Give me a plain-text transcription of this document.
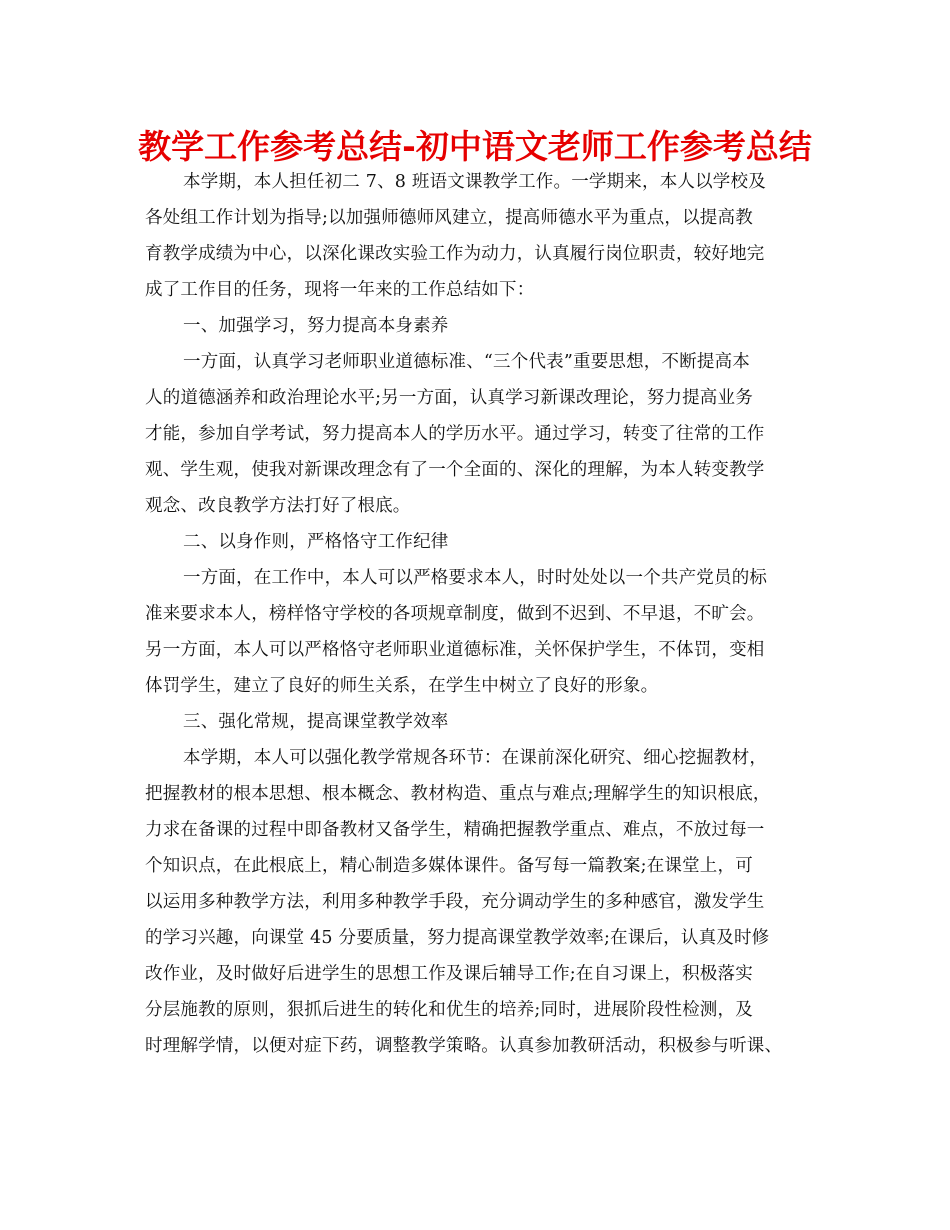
教学工作参考总结-初中语文老师工作参考总结
本学期，本人担任初二 7、8 班语文课教学工作。一学期来，本人以学校及
各处组工作计划为指导;以加强师德师风建立，提高师德水平为重点，以提高教
育教学成绩为中心，以深化课改实验工作为动力，认真履行岗位职责，较好地完
成了工作目的任务，现将一年来的工作总结如下：
一、加强学习，努力提高本身素养
一方面，认真学习老师职业道德标准、“三个代表”重要思想，不断提高本
人的道德涵养和政治理论水平;另一方面，认真学习新课改理论，努力提高业务
才能，参加自学考试，努力提高本人的学历水平。通过学习，转变了往常的工作
观、学生观，使我对新课改理念有了一个全面的、深化的理解，为本人转变教学
观念、改良教学方法打好了根底。
二、以身作则，严格恪守工作纪律
一方面，在工作中，本人可以严格要求本人，时时处处以一个共产党员的标
准来要求本人，榜样恪守学校的各项规章制度，做到不迟到、不早退，不旷会。
另一方面，本人可以严格恪守老师职业道德标准，关怀保护学生，不体罚，变相
体罚学生，建立了良好的师生关系，在学生中树立了良好的形象。
三、强化常规，提高课堂教学效率
本学期，本人可以强化教学常规各环节：在课前深化研究、细心挖掘教材，
把握教材的根本思想、根本概念、教材构造、重点与难点;理解学生的知识根底，
力求在备课的过程中即备教材又备学生，精确把握教学重点、难点，不放过每一
个知识点，在此根底上，精心制造多媒体课件。备写每一篇教案;在课堂上，可
以运用多种教学方法，利用多种教学手段，充分调动学生的多种感官，激发学生
的学习兴趣，向课堂 45 分要质量，努力提高课堂教学效率;在课后，认真及时修
改作业，及时做好后进学生的思想工作及课后辅导工作;在自习课上，积极落实
分层施教的原则，狠抓后进生的转化和优生的培养;同时，进展阶段性检测，及
时理解学情，以便对症下药，调整教学策略。认真参加教研活动，积极参与听课、
